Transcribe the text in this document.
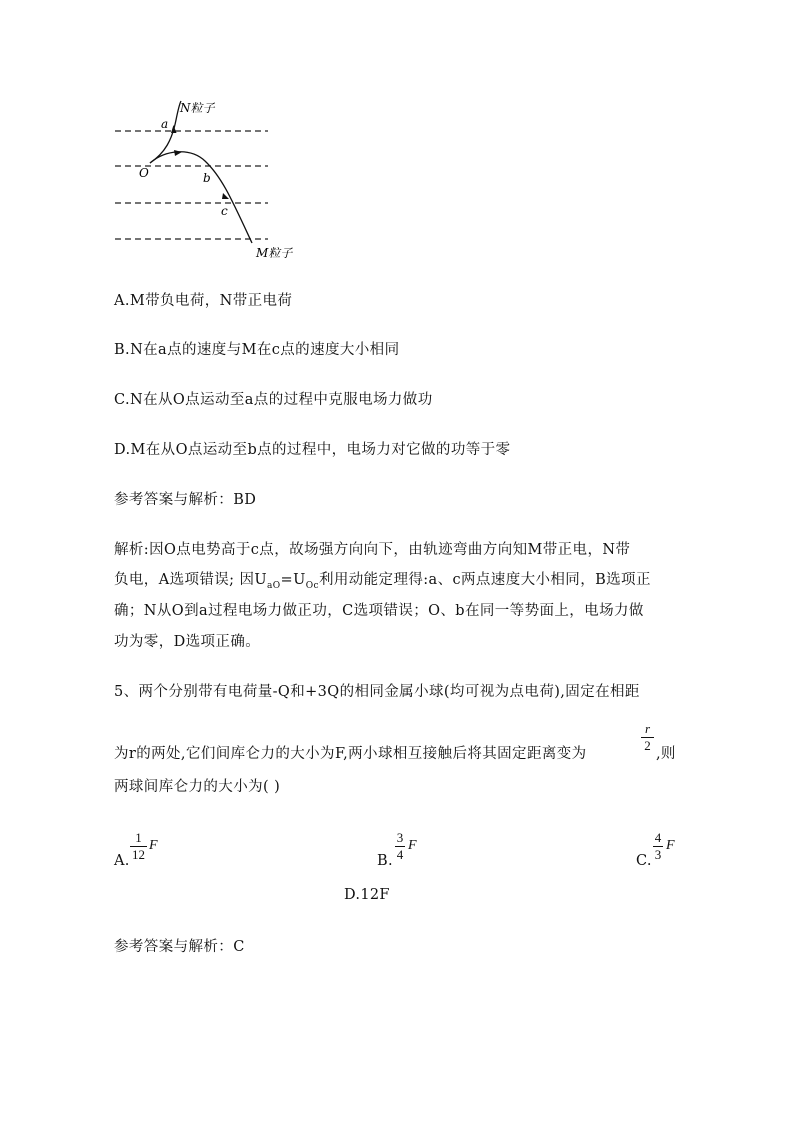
N粒子
M粒子
O
a
b
c
A.M带负电荷，N带正电荷
B.N在a点的速度与M在c点的速度大小相同
C.N在从O点运动至a点的过程中克服电场力做功
D.M在从O点运动至b点的过程中，电场力对它做的功等于零
参考答案与解析：BD
解析:因O点电势高于c点，故场强方向向下，由轨迹弯曲方向知M带正电，N带
负电，A选项错误; 因$U_{aO}=U_{Oc}$利用动能定理得:a、c两点速度大小相同，B选项正
确；N从O到a过程电场力做正功，C选项错误；O、b在同一等势面上，电场力做
功为零，D选项正确。
5、两个分别带有电荷量-Q和+3Q的相同金属小球(均可视为点电荷),固定在相距
为r的两处,它们间库仑力的大小为F,两小球相互接触后将其固定距离变为
r
2
,则
两球间库仑力的大小为( )
A.
1
12
F
B.
3
4
F
C.
4
3
F
D.12F
参考答案与解析：C
